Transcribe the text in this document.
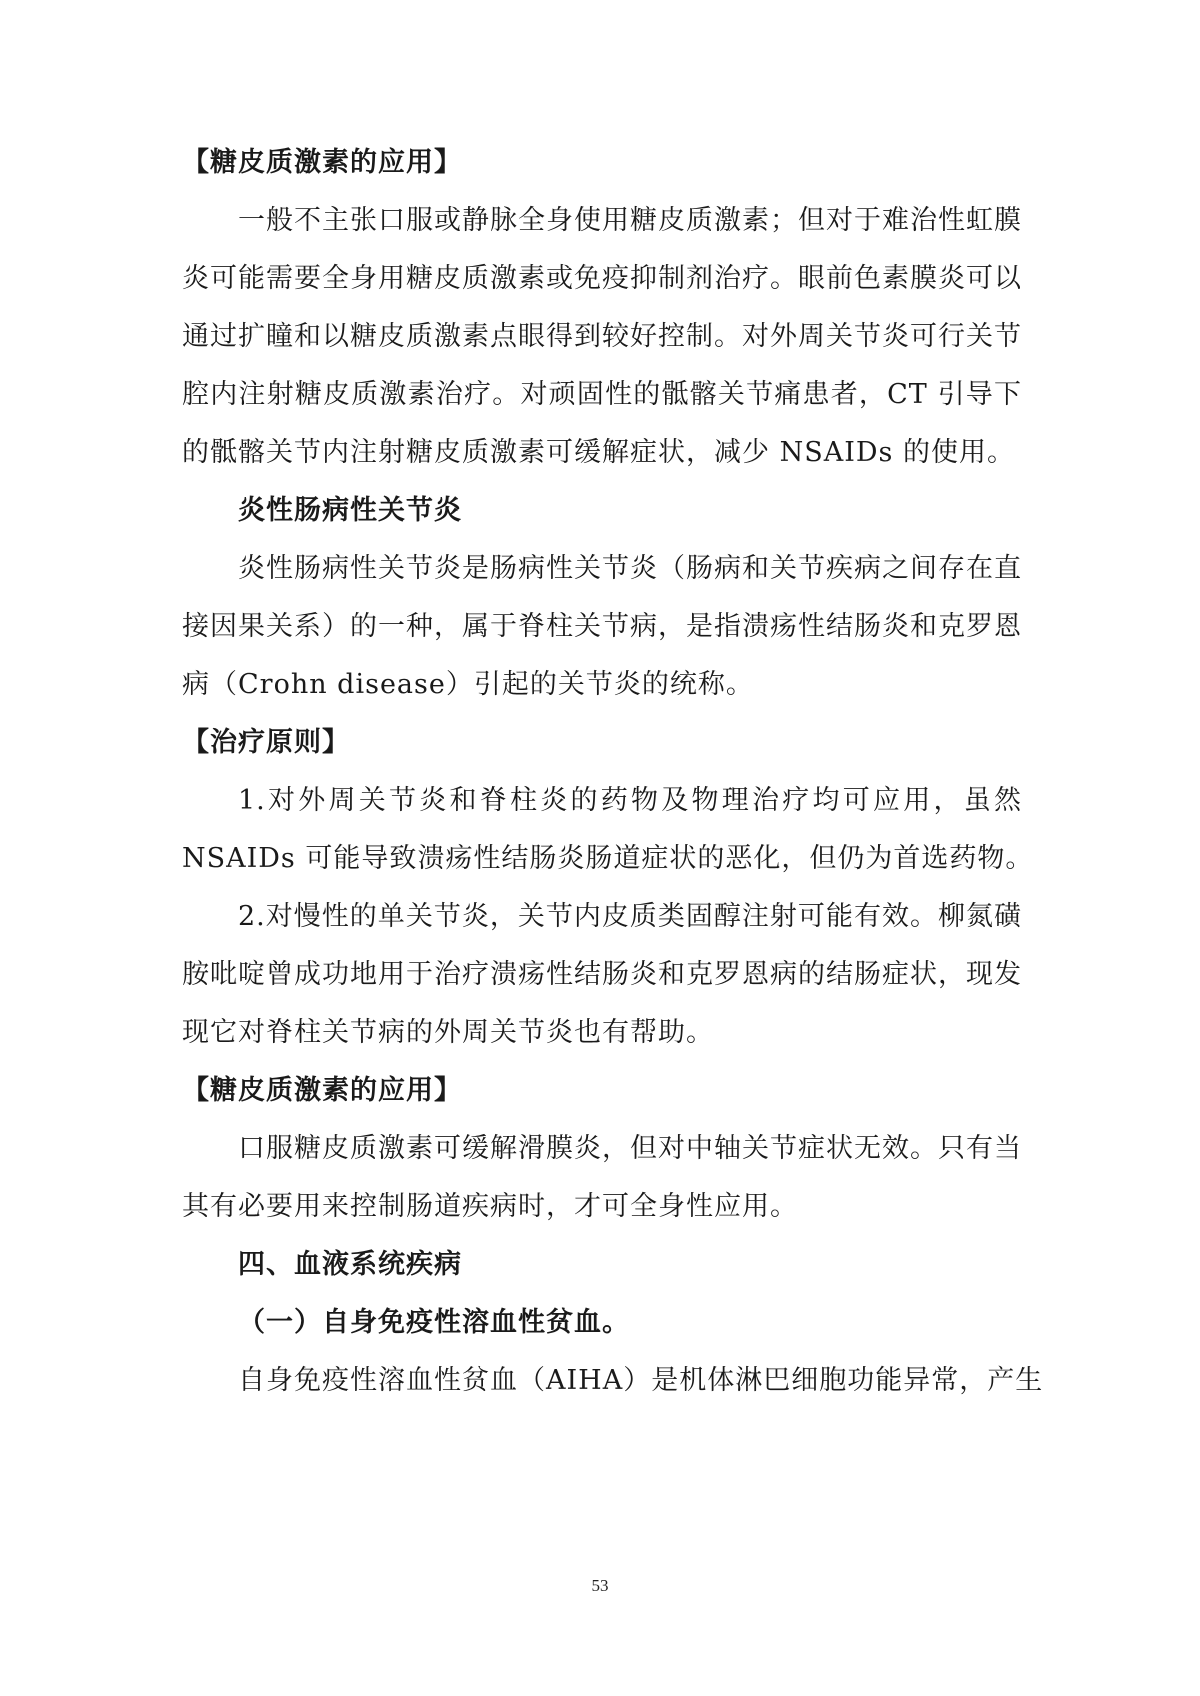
【糖皮质激素的应用】
一般不主张口服或静脉全身使用糖皮质激素；但对于难治性虹膜
炎可能需要全身用糖皮质激素或免疫抑制剂治疗。眼前色素膜炎可以
通过扩瞳和以糖皮质激素点眼得到较好控制。对外周关节炎可行关节
腔内注射糖皮质激素治疗。对顽固性的骶髂关节痛患者，CT 引导下
的骶髂关节内注射糖皮质激素可缓解症状，减少 NSAIDs 的使用。
炎性肠病性关节炎
炎性肠病性关节炎是肠病性关节炎（肠病和关节疾病之间存在直
接因果关系）的一种，属于脊柱关节病，是指溃疡性结肠炎和克罗恩
病（Crohn disease）引起的关节炎的统称。
【治疗原则】
1.对外周关节炎和脊柱炎的药物及物理治疗均可应用，虽然
NSAIDs 可能导致溃疡性结肠炎肠道症状的恶化，但仍为首选药物。
2.对慢性的单关节炎，关节内皮质类固醇注射可能有效。柳氮磺
胺吡啶曾成功地用于治疗溃疡性结肠炎和克罗恩病的结肠症状，现发
现它对脊柱关节病的外周关节炎也有帮助。
【糖皮质激素的应用】
口服糖皮质激素可缓解滑膜炎，但对中轴关节症状无效。只有当
其有必要用来控制肠道疾病时，才可全身性应用。
四、血液系统疾病
（一）自身免疫性溶血性贫血。
自身免疫性溶血性贫血（AIHA）是机体淋巴细胞功能异常，产生
53
